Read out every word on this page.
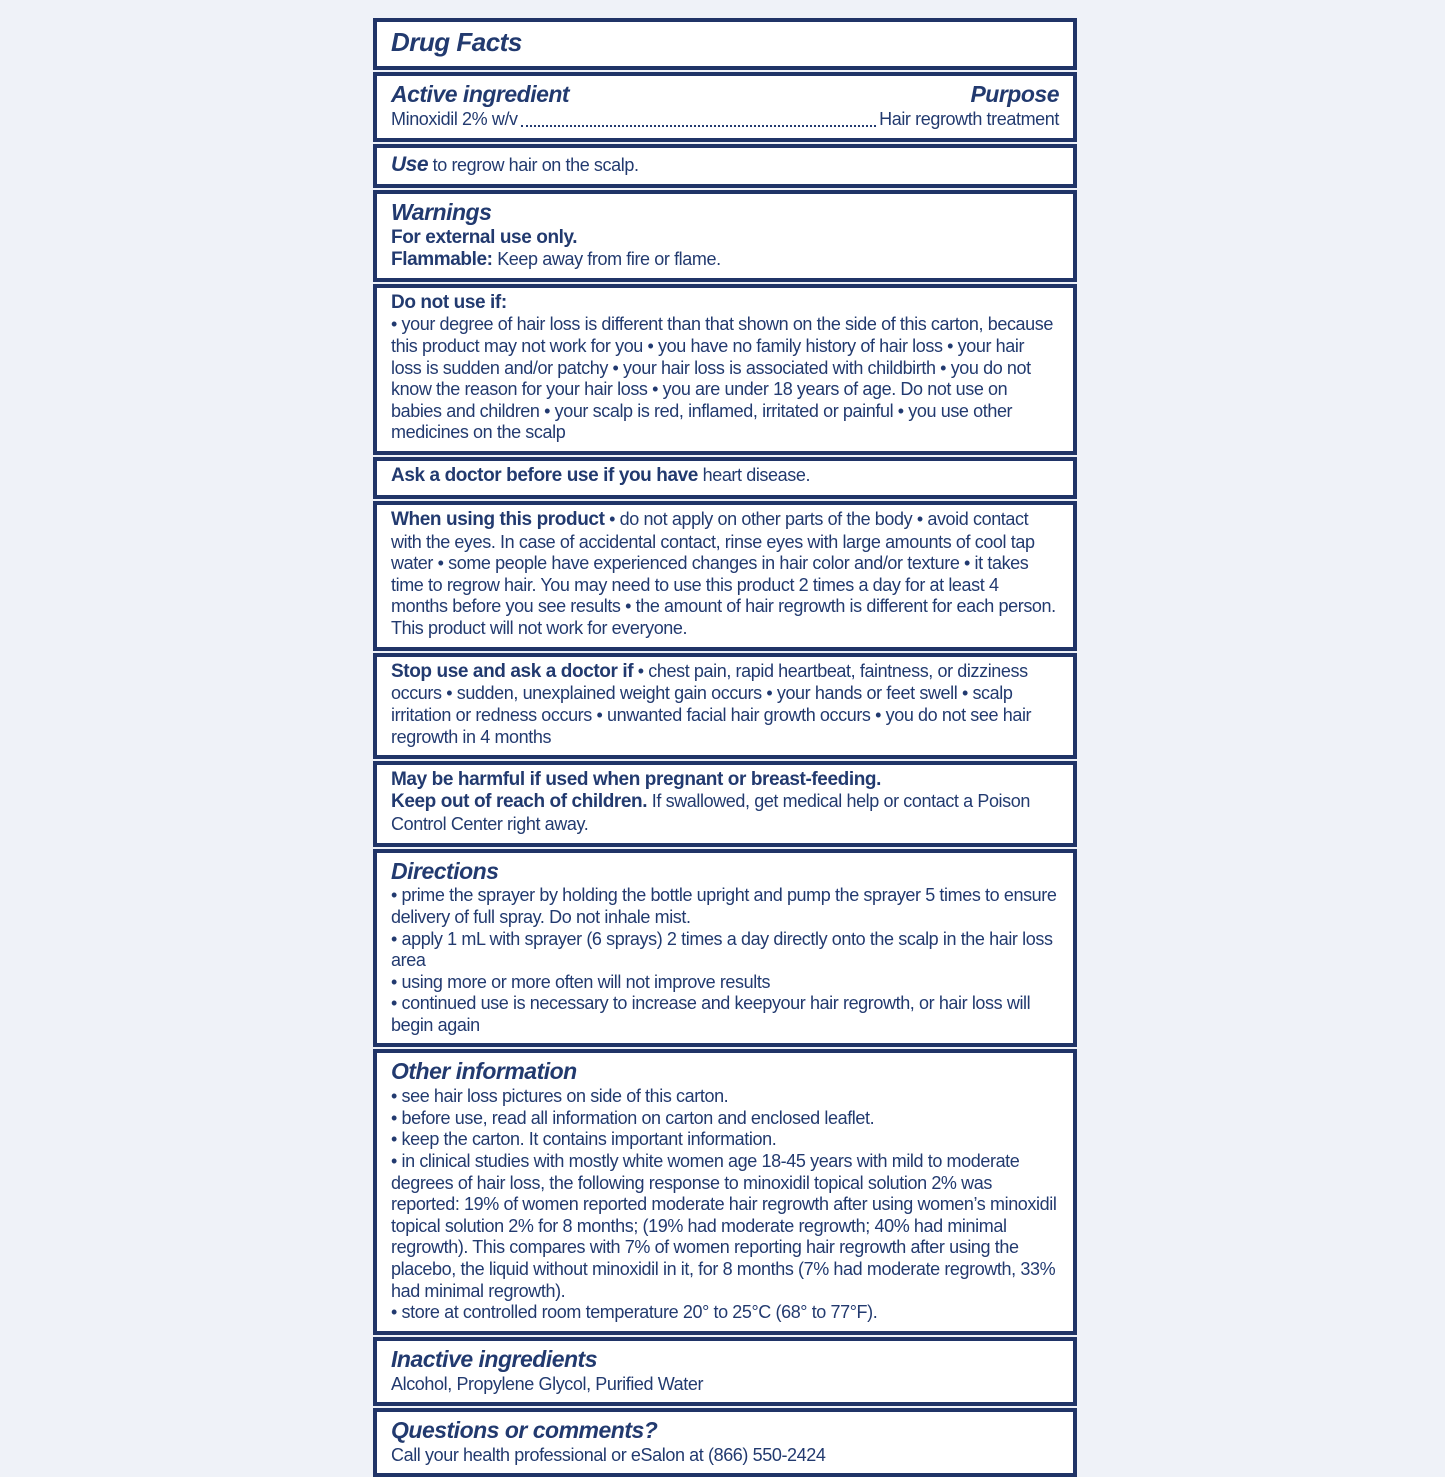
Drug Facts
Active ingredient	Purpose
Minoxidil 2% w/v	Hair regrowth treatment
Use to regrow hair on the scalp.
Warnings
For external use only.
Flammable: Keep away from fire or flame.
Do not use if:

• your degree of hair loss is different than that shown on the side of this carton, because this product may not work for you • you have no family history of hair loss • your hair loss is sudden and/or patchy • your hair loss is associated with childbirth • you do not know the reason for your hair loss • you are under 18 years of age. Do not use on babies and children • your scalp is red, inflamed, irritated or painful • you use other medicines on the scalp

Ask a doctor before use if you have heart disease.

When using this product • do not apply on other parts of the body • avoid contact with the eyes. In case of accidental contact, rinse eyes with large amounts of cool tap water • some people have experienced changes in hair color and/or texture • it takes time to regrow hair. You may need to use this product 2 times a day for at least 4 months before you see results • the amount of hair regrowth is different for each person. This product will not work for everyone.

Stop use and ask a doctor if • chest pain, rapid heartbeat, faintness, or dizziness occurs • sudden, unexplained weight gain occurs • your hands or feet swell • scalp irritation or redness occurs • unwanted facial hair growth occurs • you do not see hair regrowth in 4 months

May be harmful if used when pregnant or breast-feeding.
Keep out of reach of children. If swallowed, get medical help or contact a Poison Control Center right away.
Directions

• prime the sprayer by holding the bottle upright and pump the sprayer 5 times to ensure delivery of full spray. Do not inhale mist.

• apply 1 mL with sprayer (6 sprays) 2 times a day directly onto the scalp in the hair loss area

• using more or more often will not improve results

• continued use is necessary to increase and keepyour hair regrowth, or hair loss will begin again

Other information

• see hair loss pictures on side of this carton.

• before use, read all information on carton and enclosed leaflet.

• keep the carton. It contains important information.

• in clinical studies with mostly white women age 18-45 years with mild to moderate degrees of hair loss, the following response to minoxidil topical solution 2% was reported: 19% of women reported moderate hair regrowth after using women’s minoxidil topical solution 2% for 8 months; (19% had moderate regrowth; 40% had minimal regrowth). This compares with 7% of women reporting hair regrowth after using the placebo, the liquid without minoxidil in it, for 8 months (7% had moderate regrowth, 33% had minimal regrowth).

• store at controlled room temperature 20° to 25°C (68° to 77°F).

Inactive ingredients
Alcohol, Propylene Glycol, Purified Water
Questions or comments?
Call your health professional or eSalon at (866) 550-2424
